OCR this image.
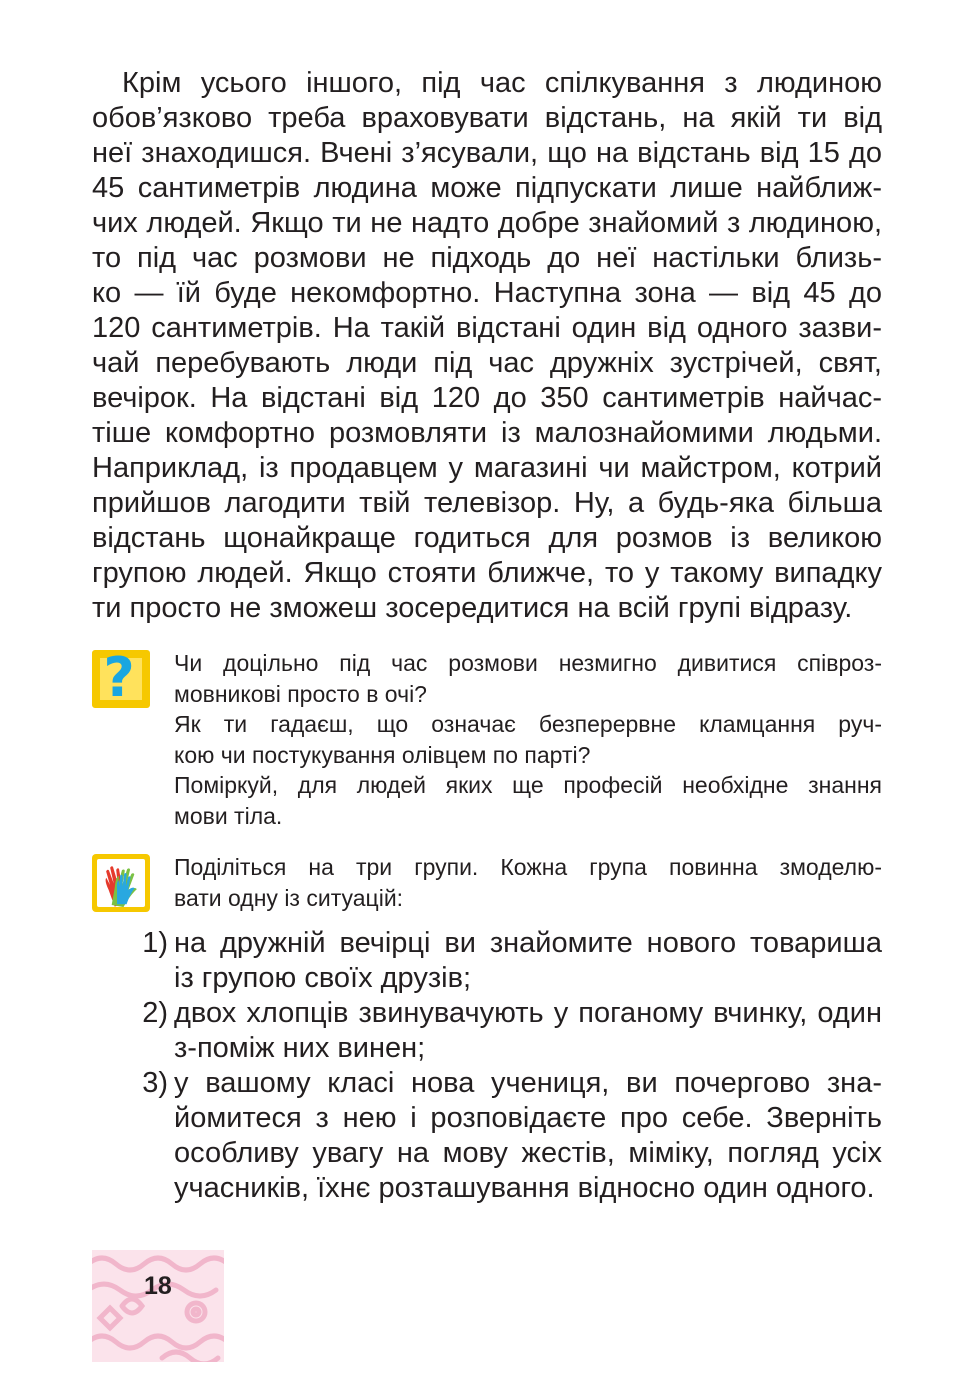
Крім усього іншого, під час спілкування з людиною

обов’язково треба враховувати відстань, на якій ти від

неї знаходишся. Вчені з’ясували, що на відстань від 15 до

45 сантиметрів людина може підпускати лише найближ-

чих людей. Якщо ти не надто добре знайомий з людиною,

то під час розмови не підходь до неї настільки близь-

ко — їй буде некомфортно. Наступна зона — від 45 до

120 сантиметрів. На такій відстані один від одного зазви-

чай перебувають люди під час дружніх зустрічей, свят,

вечірок. На відстані від 120 до 350 сантиметрів найчас-

тіше комфортно розмовляти із малознайомими людьми.

Наприклад, із продавцем у магазині чи майстром, котрий

прийшов лагодити твій телевізор. Ну, а будь-яка більша

відстань щонайкраще годиться для розмов із великою

групою людей. Якщо стояти ближче, то у такому випадку

ти просто не зможеш зосередитися на всій групі відразу.

? Чи доцільно під час розмови незмигно дивитися співроз-

мовникові просто в очі?

Як ти гадаєш, що означає безперервне кламцання руч-

кою чи постукування олівцем по парті?

Поміркуй, для людей яких ще професій необхідне знання

мови тіла.

Поділіться на три групи. Кожна група повинна змоделю-

вати одну із ситуацій:

1) на дружній вечірці ви знайомите нового товариша

із групою своїх друзів;

2) двох хлопців звинувачують у поганому вчинку, один

з-поміж них винен;

3) у вашому класі нова учениця, ви почергово зна-

йомитеся з нею і розповідаєте про себе. Зверніть

особливу увагу на мову жестів, міміку, погляд усіх

учасників, їхнє розташування відносно один одного.

18
